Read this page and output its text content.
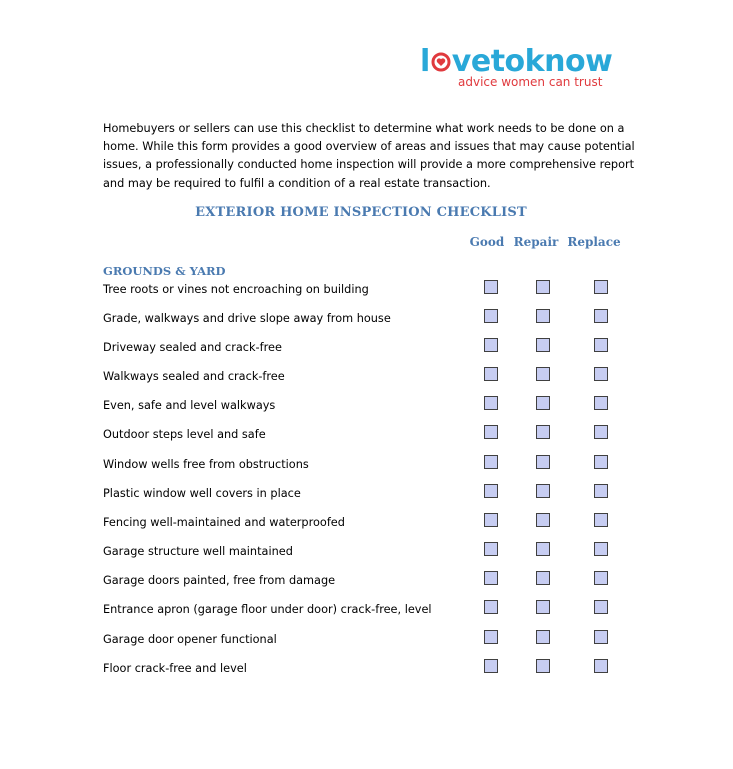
l vetoknow
advice women can trust
Homebuyers or sellers can use this checklist to determine what work needs to be done on a home. While this form provides a good overview of areas and issues that may cause potential issues, a professionally conducted home inspection will provide a more comprehensive report and may be required to fulfil a condition of a real estate transaction.
EXTERIOR HOME INSPECTION CHECKLIST
Good Repair Replace
GROUNDS & YARD
Tree roots or vines not encroaching on building
Grade, walkways and drive slope away from house
Driveway sealed and crack-free
Walkways sealed and crack-free
Even, safe and level walkways
Outdoor steps level and safe
Window wells free from obstructions
Plastic window well covers in place
Fencing well-maintained and waterproofed
Garage structure well maintained
Garage doors painted, free from damage
Entrance apron (garage floor under door) crack-free, level
Garage door opener functional
Floor crack-free and level
